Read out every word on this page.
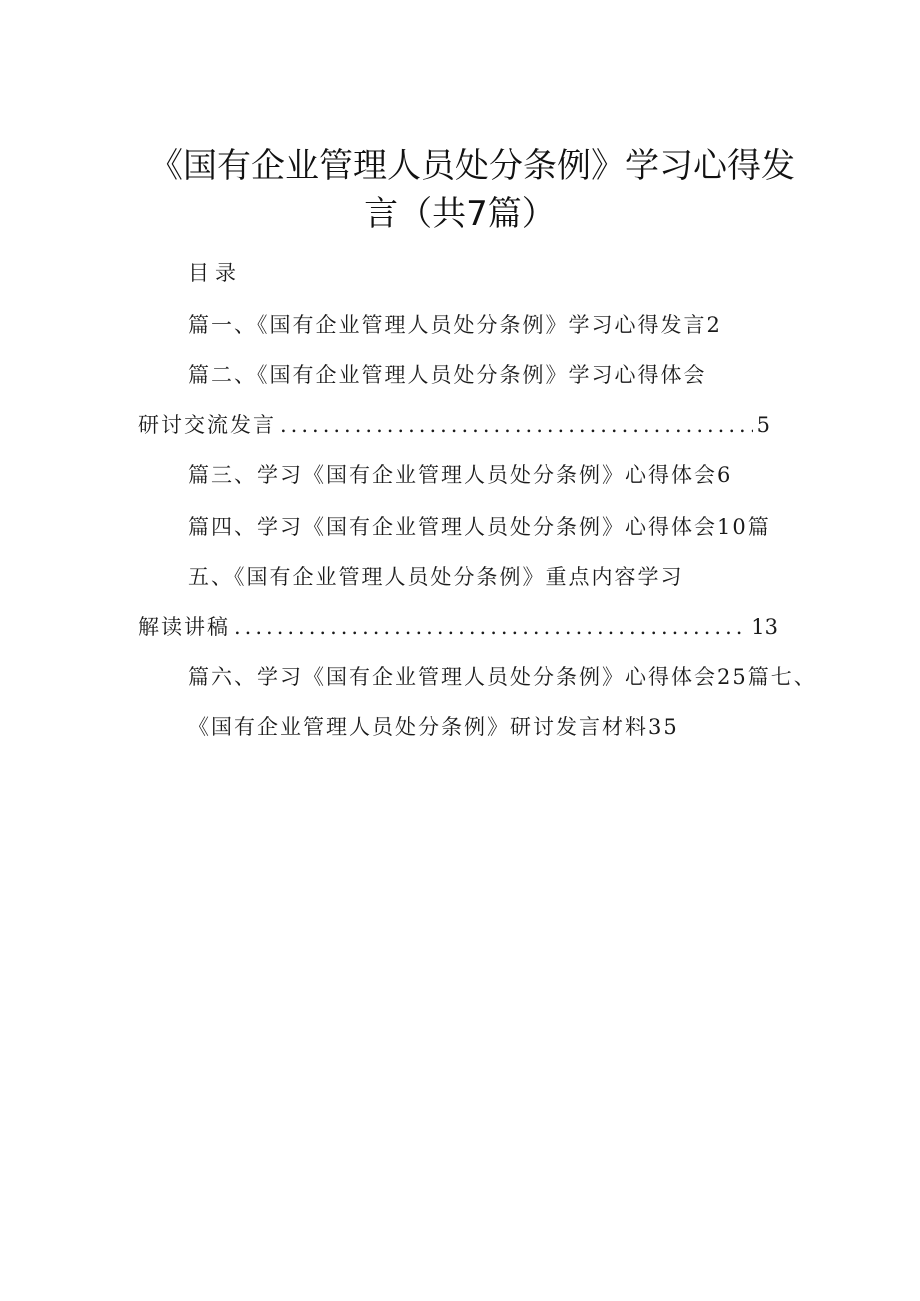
《国有企业管理人员处分条例》学习心得发
言（共7篇）
目录
篇一、《国有企业管理人员处分条例》学习心得发言2
篇二、《国有企业管理人员处分条例》学习心得体会
研讨交流发言 .....	5
篇三、学习《国有企业管理人员处分条例》心得体会6
篇四、学习《国有企业管理人员处分条例》心得体会10篇
五、《国有企业管理人员处分条例》重点内容学习
解读讲稿 .....	13
篇六、学习《国有企业管理人员处分条例》心得体会25篇七、
《国有企业管理人员处分条例》研讨发言材料35
